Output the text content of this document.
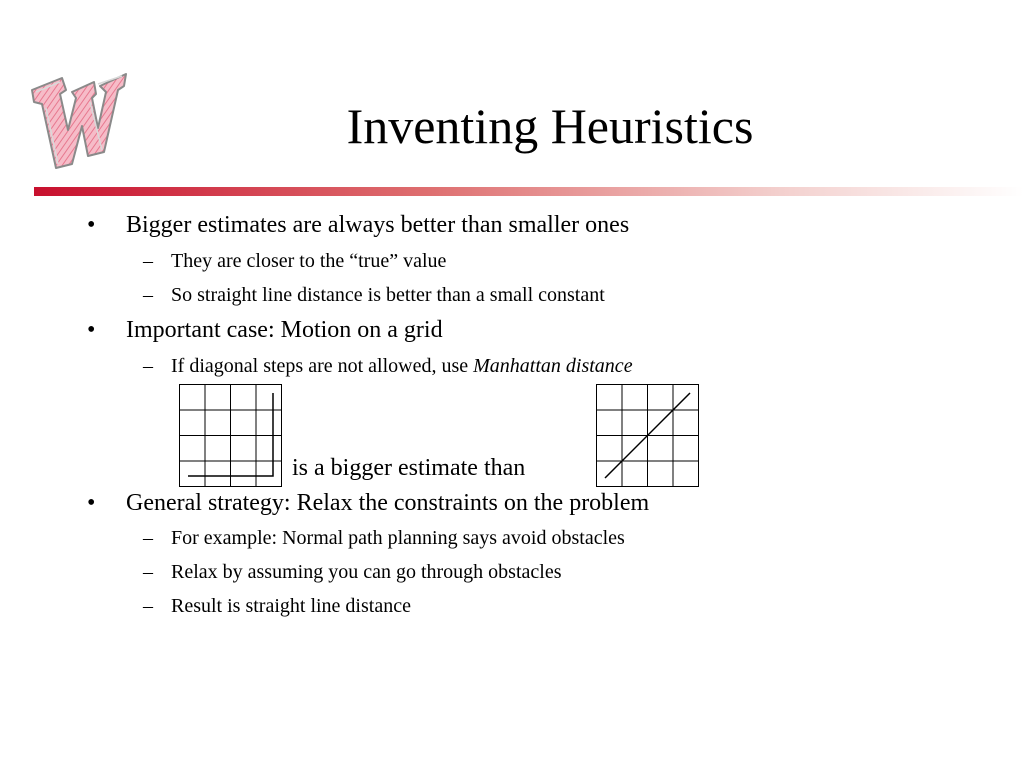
Inventing Heuristics
• Bigger estimates are always better than smaller ones
– They are closer to the “true” value
– So straight line distance is better than a small constant
• Important case: Motion on a grid
– If diagonal steps are not allowed, use Manhattan distance
is a bigger estimate than
• General strategy: Relax the constraints on the problem
– For example: Normal path planning says avoid obstacles
– Relax by assuming you can go through obstacles
– Result is straight line distance
